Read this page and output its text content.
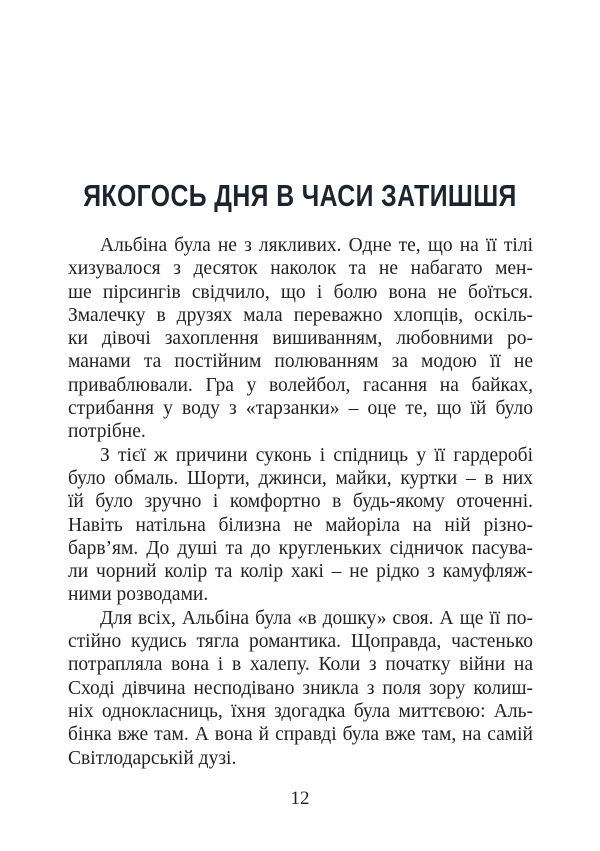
ЯКОГОСЬ ДНЯ В ЧАСИ ЗАТИШШЯ
Альбіна була не з лякливих. Одне те, що на її тілі
хизувалося з десяток наколок та не набагато мен-
ше пірсингів свідчило, що і болю вона не боїться.
Змалечку в друзях мала переважно хлопців, оскіль-
ки дівочі захоплення вишиванням, любовними ро-
манами та постійним полюванням за модою її не
приваблювали. Гра у волейбол, гасання на байках,
стрибання у воду з «тарзанки» – оце те, що їй було
потрібне.
З тієї ж причини суконь і спідниць у її гардеробі
було обмаль. Шорти, джинси, майки, куртки – в них
їй було зручно і комфортно в будь-якому оточенні.
Навіть натільна білизна не майоріла на ній різно-
барв’ям. До душі та до кругленьких сідничок пасува-
ли чорний колір та колір хакі – не рідко з камуфляж-
ними розводами.
Для всіх, Альбіна була «в дошку» своя. А ще її по-
стійно кудись тягла романтика. Щоправда, частенько
потрапляла вона і в халепу. Коли з початку війни на
Сході дівчина несподівано зникла з поля зору колиш-
ніх однокласниць, їхня здогадка була миттєвою: Аль-
бінка вже там. А вона й справді була вже там, на самій
Світлодарській дузі.
12
